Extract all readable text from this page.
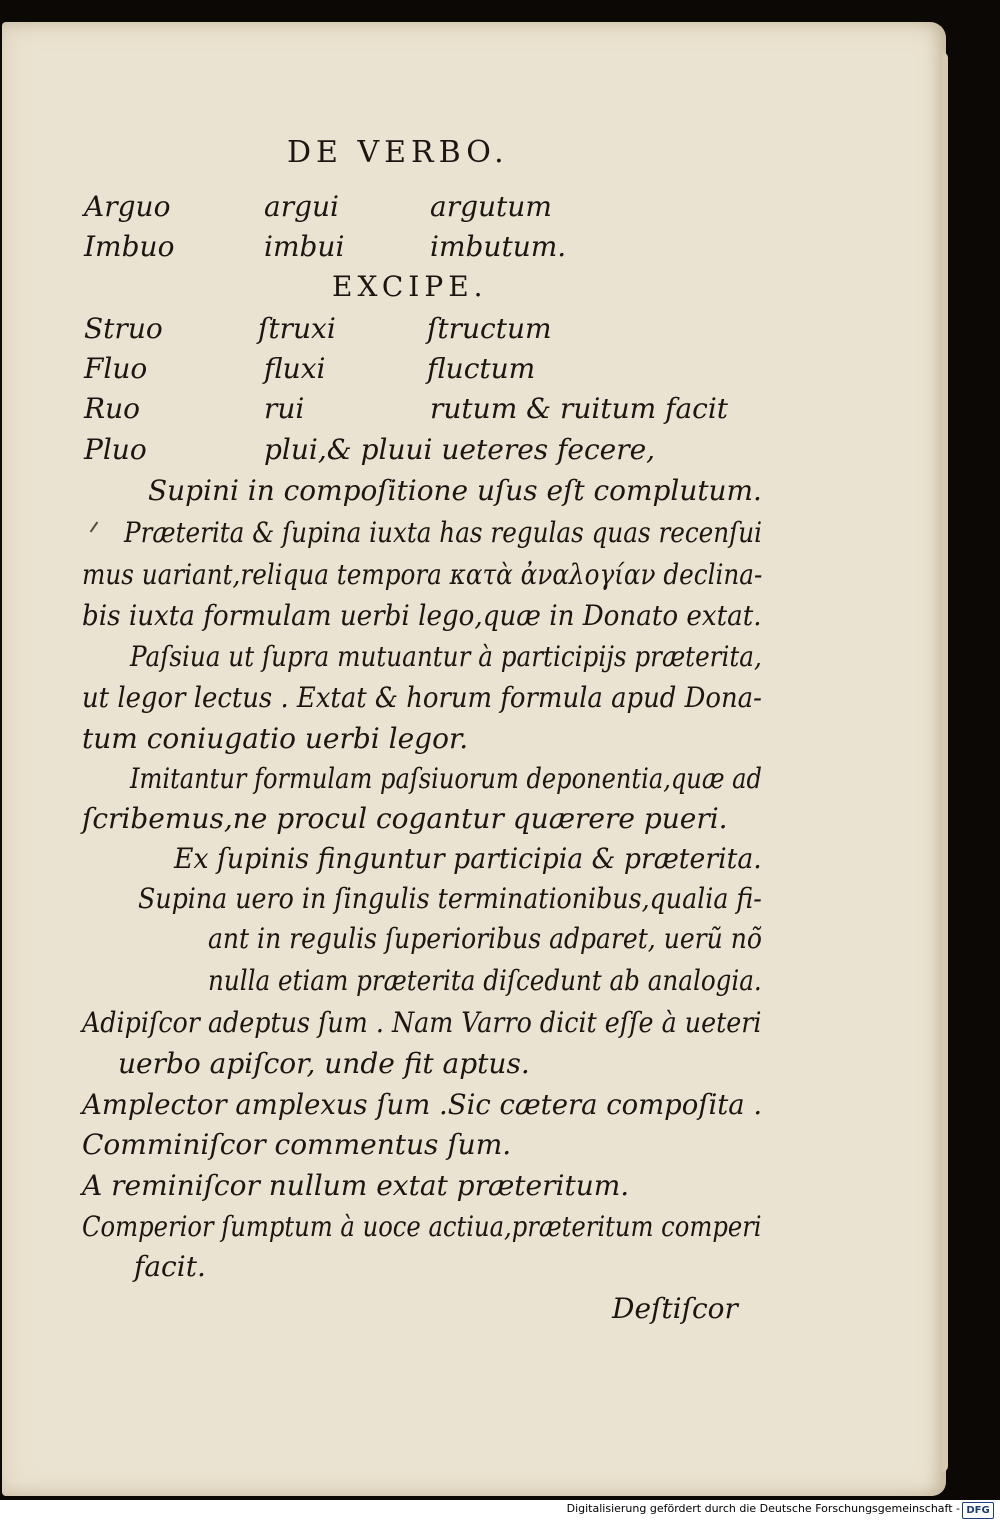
DE VERBO.
Arguo	argui	argutum
Imbuo	imbui	imbutum.
EXCIPE.
Struo	ſtruxi	ſtructum
Fluo	fluxi	fluctum
Ruo	rui	rutum & ruitum facit
Pluo	plui,& pluui ueteres fecere,
Supini in compoſitione uſus eſt complutum.
Præterita & ſupina iuxta has regulas quas recenſui
mus uariant,reliqua tempora κατὰ ἀναλογίαν declina-
bis iuxta formulam uerbi lego,quæ in Donato extat.
Paſsiua ut ſupra mutuantur à participijs præterita,
ut legor lectus . Extat & horum formula apud Dona-
tum coniugatio uerbi legor.
Imitantur formulam paſsiuorum deponentia,quæ ad
ſcribemus,ne procul cogantur quærere pueri.
Ex ſupinis finguntur participia & præterita.
Supina uero in ſingulis terminationibus,qualia fi-
ant in regulis ſuperioribus adparet, uerũ nõ
nulla etiam præterita diſcedunt ab analogia.
Adipiſcor adeptus ſum . Nam Varro dicit eſſe à ueteri
uerbo apiſcor, unde fit aptus.
Amplector amplexus ſum .Sic cætera compoſita .
Comminiſcor commentus ſum.
A reminiſcor nullum extat præteritum.
Comperior ſumptum à uoce actiua,præteritum comperi
facit.
Deſtiſcor
Digitalisierung gefördert durch die Deutsche Forschungsgemeinschaft - DFG
